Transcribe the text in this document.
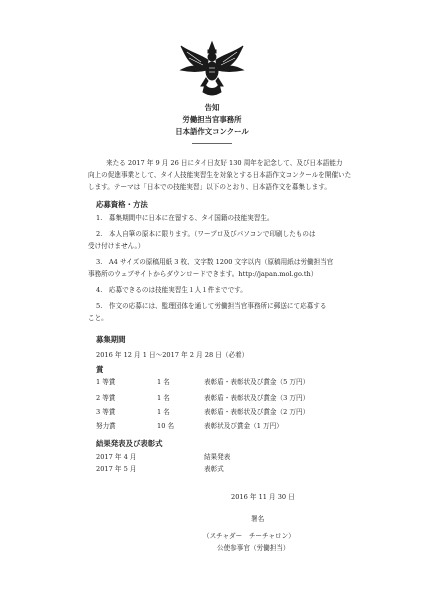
告知
労働担当官事務所
日本語作文コンクール
来たる 2017 年 9 月 26 日にタイ日友好 130 周年を記念して、及び日本語能力
向上の促進事業として、タイ人技能実習生を対象とする日本語作文コンクールを開催いた
します。テーマは「日本での技能実習」以下のとおり、日本語作文を募集します。
応募資格・方法
1.　募集期間中に日本に在留する、タイ国籍の技能実習生。
2.　本人自筆の原本に限ります。（ワープロ及びパソコンで印刷したものは
受け付けません。）
3.　A4 サイズの原稿用紙 3 枚、文字数 1200 文字以内（原稿用紙は労働担当官
事務所のウェブサイトからダウンロードできます。http://japan.mol.go.th）
4.　応募できるのは技能実習生１人１件までです。
5.　作文の応募には、監理団体を通して労働担当官事務所に郵送にて応募する
こと。
募集期間
2016 年 12 月 1 日～2017 年 2 月 28 日（必着）
賞
1 等賞	1 名	表彰盾・表彰状及び賞金（5 万円）
2 等賞	1 名	表彰盾・表彰状及び賞金（3 万円）
3 等賞	1 名	表彰盾・表彰状及び賞金（2 万円）
努力賞	10 名	表彰状及び賞金（1 万円）
結果発表及び表彰式
2017 年 4 月	結果発表
2017 年 5 月	表彰式
2016 年 11 月 30 日
署名
（スチャダー　チーチャロン）
公使参事官（労働担当）
